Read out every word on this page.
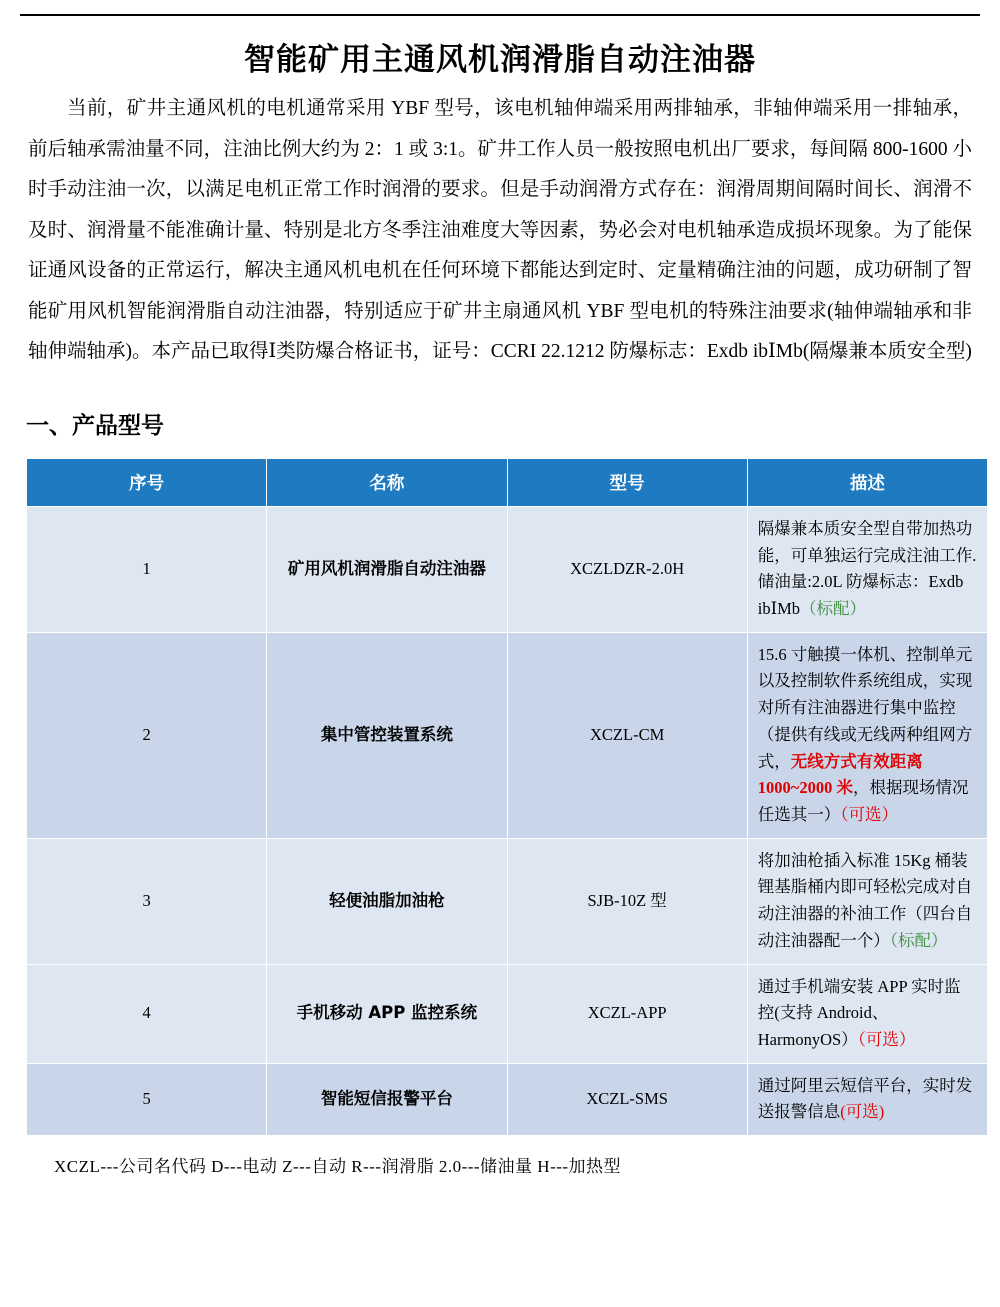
智能矿用主通风机润滑脂自动注油器

当前，矿井主通风机的电机通常采用 YBF 型号，该电机轴伸端采用两排轴承，非轴伸端采用一排轴承，前后轴承需油量不同，注油比例大约为 2：1 或 3:1。矿井工作人员一般按照电机出厂要求，每间隔 800-1600 小时手动注油一次，以满足电机正常工作时润滑的要求。但是手动润滑方式存在：润滑周期间隔时间长、润滑不及时、润滑量不能准确计量、特别是北方冬季注油难度大等因素，势必会对电机轴承造成损坏现象。为了能保证通风设备的正常运行，解决主通风机电机在任何环境下都能达到定时、定量精确注油的问题，成功研制了智能矿用风机智能润滑脂自动注油器，特别适应于矿井主扇通风机 YBF 型电机的特殊注油要求(轴伸端轴承和非轴伸端轴承)。本产品已取得Ⅰ类防爆合格证书，证号：CCRI 22.1212 防爆标志：Exdb ibⅠMb(隔爆兼本质安全型)

一、产品型号
序号	名称	型号	描述
1	矿用风机润滑脂自动注油器	XCZLDZR-2.0H	隔爆兼本质安全型自带加热功能，可单独运行完成注油工作.储油量:2.0L 防爆标志：Exdb ibⅠMb（标配）
2	集中管控装置系统	XCZL-CM	15.6 寸触摸一体机、控制单元以及控制软件系统组成，实现对所有注油器进行集中监控（提供有线或无线两种组网方式，无线方式有效距离 1000~2000 米，根据现场情况任选其一）（可选）
3	轻便油脂加油枪	SJB-10Z 型	将加油枪插入标准 15Kg 桶装锂基脂桶内即可轻松完成对自动注油器的补油工作（四台自动注油器配一个）（标配）
4	手机移动 APP 监控系统	XCZL-APP	通过手机端安装 APP 实时监控(支持 Android、HarmonyOS）（可选）
5	智能短信报警平台	XCZL-SMS	通过阿里云短信平台，实时发送报警信息(可选)
XCZL---公司名代码 D---电动 Z---自动 R---润滑脂 2.0---储油量 H---加热型
